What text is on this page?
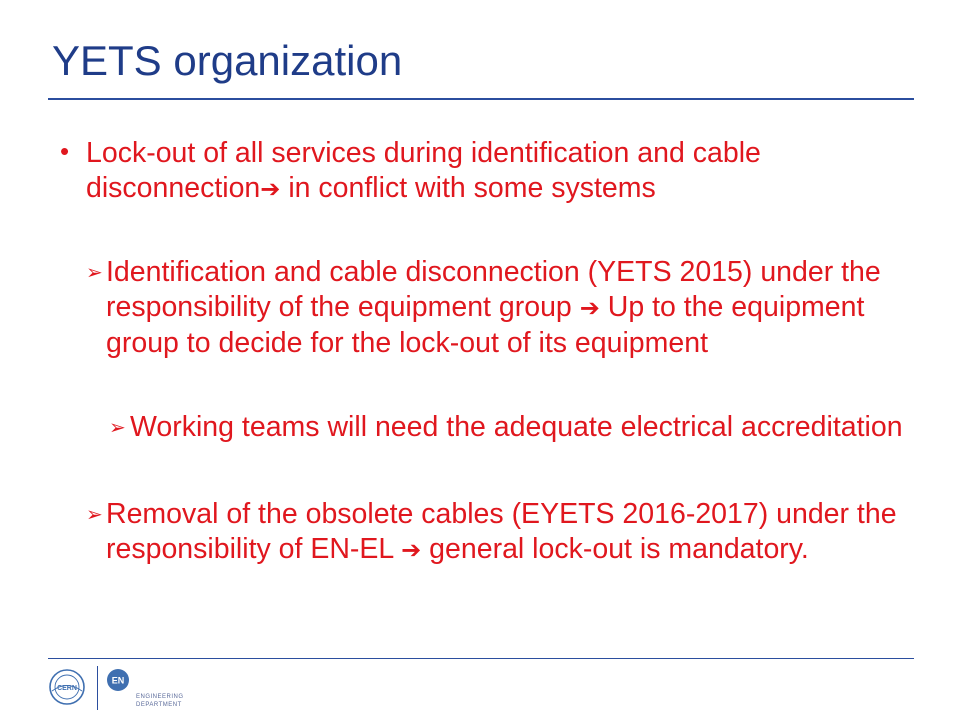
YETS organization
• Lock-out of all services during identification and cable disconnection➔ in conflict with some systems
➢ Identification and cable disconnection (YETS 2015) under the responsibility of the equipment group ➔ Up to the equipment group to decide for the lock-out of its equipment
➢ Working teams will need the adequate electrical accreditation
➢ Removal of the obsolete cables (EYETS 2016-2017) under the responsibility of EN-EL ➔ general lock-out is mandatory.
CERN
EN
ENGINEERING
DEPARTMENT
